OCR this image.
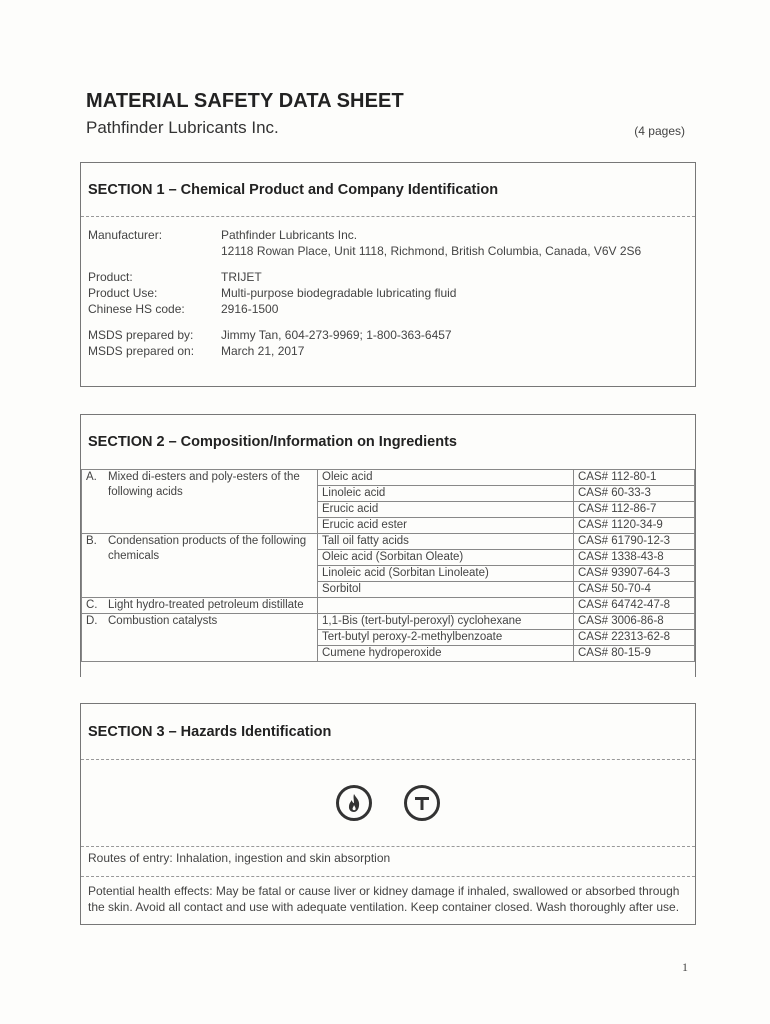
MATERIAL SAFETY DATA SHEET
Pathfinder Lubricants Inc.	(4 pages)
SECTION 1 – Chemical Product and Company Identification
Manufacturer:	Pathfinder Lubricants Inc.
12118 Rowan Place, Unit 1118, Richmond, British Columbia, Canada, V6V 2S6
Product:	TRIJET
Product Use:	Multi-purpose biodegradable lubricating fluid
Chinese HS code:	2916-1500
MSDS prepared by:	Jimmy Tan, 604-273-9969; 1-800-363-6457
MSDS prepared on:	March 21, 2017
SECTION 2 – Composition/Information on Ingredients
A. Mixed di-esters and poly-esters of the following acids	Oleic acid	CAS# 112-80-1
	Linoleic acid	CAS# 60-33-3
	Erucic acid	CAS# 112-86-7
	Erucic acid ester	CAS# 1120-34-9

B. Condensation products of the following chemicals	Tall oil fatty acids	CAS# 61790-12-3
	Oleic acid (Sorbitan Oleate)	CAS# 1338-43-8
	Linoleic acid (Sorbitan Linoleate)	CAS# 93907-64-3
	Sorbitol	CAS# 50-70-4

C. Light hydro-treated petroleum distillate		CAS# 64742-47-8

D. Combustion catalysts	1,1-Bis (tert-butyl-peroxyl) cyclohexane	CAS# 3006-86-8
	Tert-butyl peroxy-2-methylbenzoate	CAS# 22313-62-8
	Cumene hydroperoxide	CAS# 80-15-9
SECTION 3 – Hazards Identification
Routes of entry: Inhalation, ingestion and skin absorption
Potential health effects: May be fatal or cause liver or kidney damage if inhaled, swallowed or absorbed through the skin. Avoid all contact and use with adequate ventilation. Keep container closed. Wash thoroughly after use.
1
